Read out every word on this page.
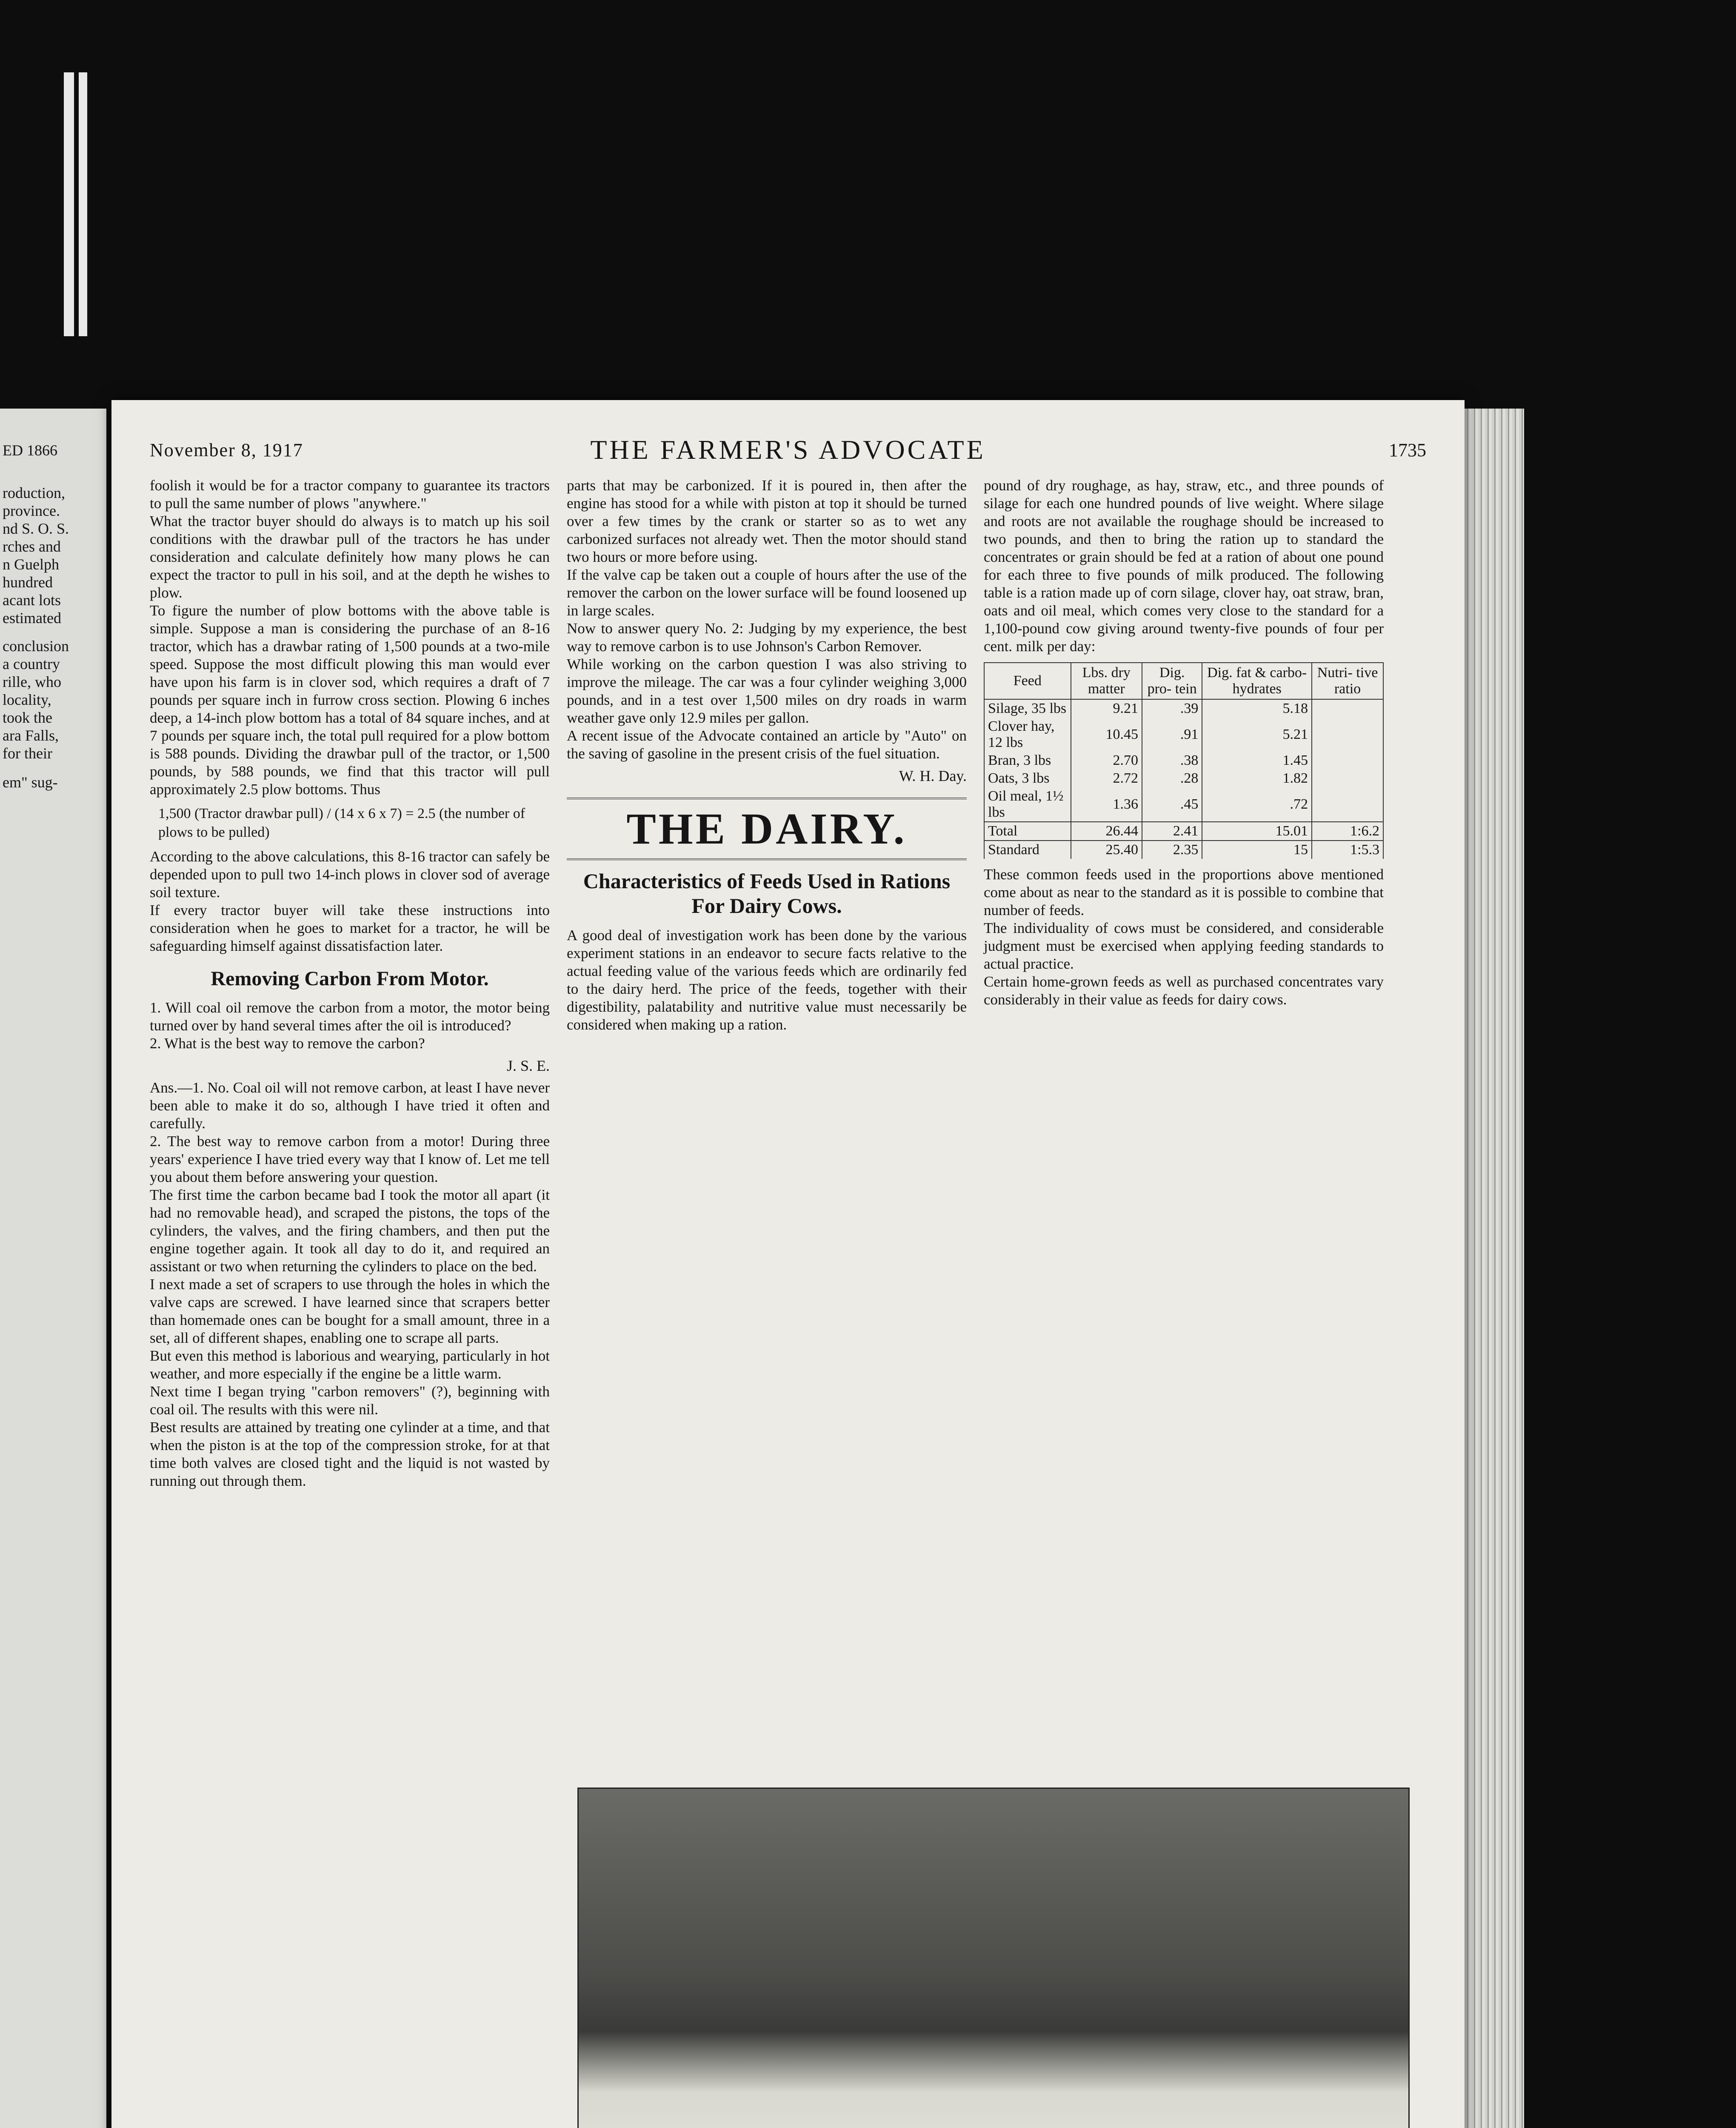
ED 1866
roduction,
province.
nd S. O. S.
rches and
n Guelph
hundred
acant lots
estimated
conclusion
a country
rille, who
locality,
took the
ara Falls,
for their
em" sug-
November 8, 1917	THE FARMER'S ADVOCATE	1735

foolish it would be for a tractor company to guarantee its tractors to pull the same number of plows "anywhere."

What the tractor buyer should do always is to match up his soil conditions with the drawbar pull of the tractors he has under consideration and calculate definitely how many plows he can expect the tractor to pull in his soil, and at the depth he wishes to plow.

To figure the number of plow bottoms with the above table is simple. Suppose a man is considering the purchase of an 8-16 tractor, which has a drawbar rating of 1,500 pounds at a two-mile speed. Suppose the most difficult plowing this man would ever have upon his farm is in clover sod, which requires a draft of 7 pounds per square inch in furrow cross section. Plowing 6 inches deep, a 14-inch plow bottom has a total of 84 square inches, and at 7 pounds per square inch, the total pull required for a plow bottom is 588 pounds. Dividing the drawbar pull of the tractor, or 1,500 pounds, by 588 pounds, we find that this tractor will pull approximately 2.5 plow bottoms. Thus

1,500 (Tractor drawbar pull) / (14 x 6 x 7) = 2.5 (the number of plows to be pulled)

According to the above calculations, this 8-16 tractor can safely be depended upon to pull two 14-inch plows in clover sod of average soil texture.

If every tractor buyer will take these instructions into consideration when he goes to market for a tractor, he will be safeguarding himself against dissatisfaction later.

Removing Carbon From Motor.

1. Will coal oil remove the carbon from a motor, the motor being turned over by hand several times after the oil is introduced?

2. What is the best way to remove the carbon?

J. S. E.

Ans.—1. No. Coal oil will not remove carbon, at least I have never been able to make it do so, although I have tried it often and carefully.

2. The best way to remove carbon from a motor! During three years' experience I have tried every way that I know of. Let me tell you about them before answering your question.

The first time the carbon became bad I took the motor all apart (it had no removable head), and scraped the pistons, the tops of the cylinders, the valves, and the firing chambers, and then put the engine together again. It took all day to do it, and required an assistant or two when returning the cylinders to place on the bed.

I next made a set of scrapers to use through the holes in which the valve caps are screwed. I have learned since that scrapers better than homemade ones can be bought for a small amount, three in a set, all of different shapes, enabling one to scrape all parts.

But even this method is laborious and wearying, particularly in hot weather, and more especially if the engine be a little warm.

Next time I began trying "carbon removers" (?), beginning with coal oil. The results with this were nil.

Best results are attained by treating one cylinder at a time, and that when the piston is at the top of the compression stroke, for at that time both valves are closed tight and the liquid is not wasted by running out through them.

parts that may be carbonized. If it is poured in, then after the engine has stood for a while with piston at top it should be turned over a few times by the crank or starter so as to wet any carbonized surfaces not already wet. Then the motor should stand two hours or more before using.

If the valve cap be taken out a couple of hours after the use of the remover the carbon on the lower surface will be found loosened up in large scales.

Now to answer query No. 2: Judging by my experience, the best way to remove carbon is to use Johnson's Carbon Remover.

While working on the carbon question I was also striving to improve the mileage. The car was a four cylinder weighing 3,000 pounds, and in a test over 1,500 miles on dry roads in warm weather gave only 12.9 miles per gallon.

A recent issue of the Advocate contained an article by "Auto" on the saving of gasoline in the present crisis of the fuel situation.

W. H. Day.
THE DAIRY.
Characteristics of Feeds Used in Rations For Dairy Cows.

A good deal of investigation work has been done by the various experiment stations in an endeavor to secure facts relative to the actual feeding value of the various feeds which are ordinarily fed to the dairy herd. The price of the feeds, together with their digestibility, palatability and nutritive value must necessarily be considered when making up a ration.

pound of dry roughage, as hay, straw, etc., and three pounds of silage for each one hundred pounds of live weight. Where silage and roots are not available the roughage should be increased to two pounds, and then to bring the ration up to standard the concentrates or grain should be fed at a ration of about one pound for each three to five pounds of milk produced. The following table is a ration made up of corn silage, clover hay, oat straw, bran, oats and oil meal, which comes very close to the standard for a 1,100-pound cow giving around twenty-five pounds of four per cent. milk per day:

Feed	Lbs. dry matter	Dig. pro- tein	Dig. fat & carbo- hydrates	Nutri- tive ratio
Silage, 35 lbs	9.21	.39	5.18	
Clover hay, 12 lbs	10.45	.91	5.21	
Bran, 3 lbs	2.70	.38	1.45	
Oats, 3 lbs	2.72	.28	1.82	
Oil meal, 1½ lbs	1.36	.45	.72	
Total	26.44	2.41	15.01	1:6.2
Standard	25.40	2.35	15	1:5.3

These common feeds used in the proportions above mentioned come about as near to the standard as it is possible to combine that number of feeds.

The individuality of cows must be considered, and considerable judgment must be exercised when applying feeding standards to actual practice.

Certain home-grown feeds as well as purchased concentrates vary considerably in their value as feeds for dairy cows.
